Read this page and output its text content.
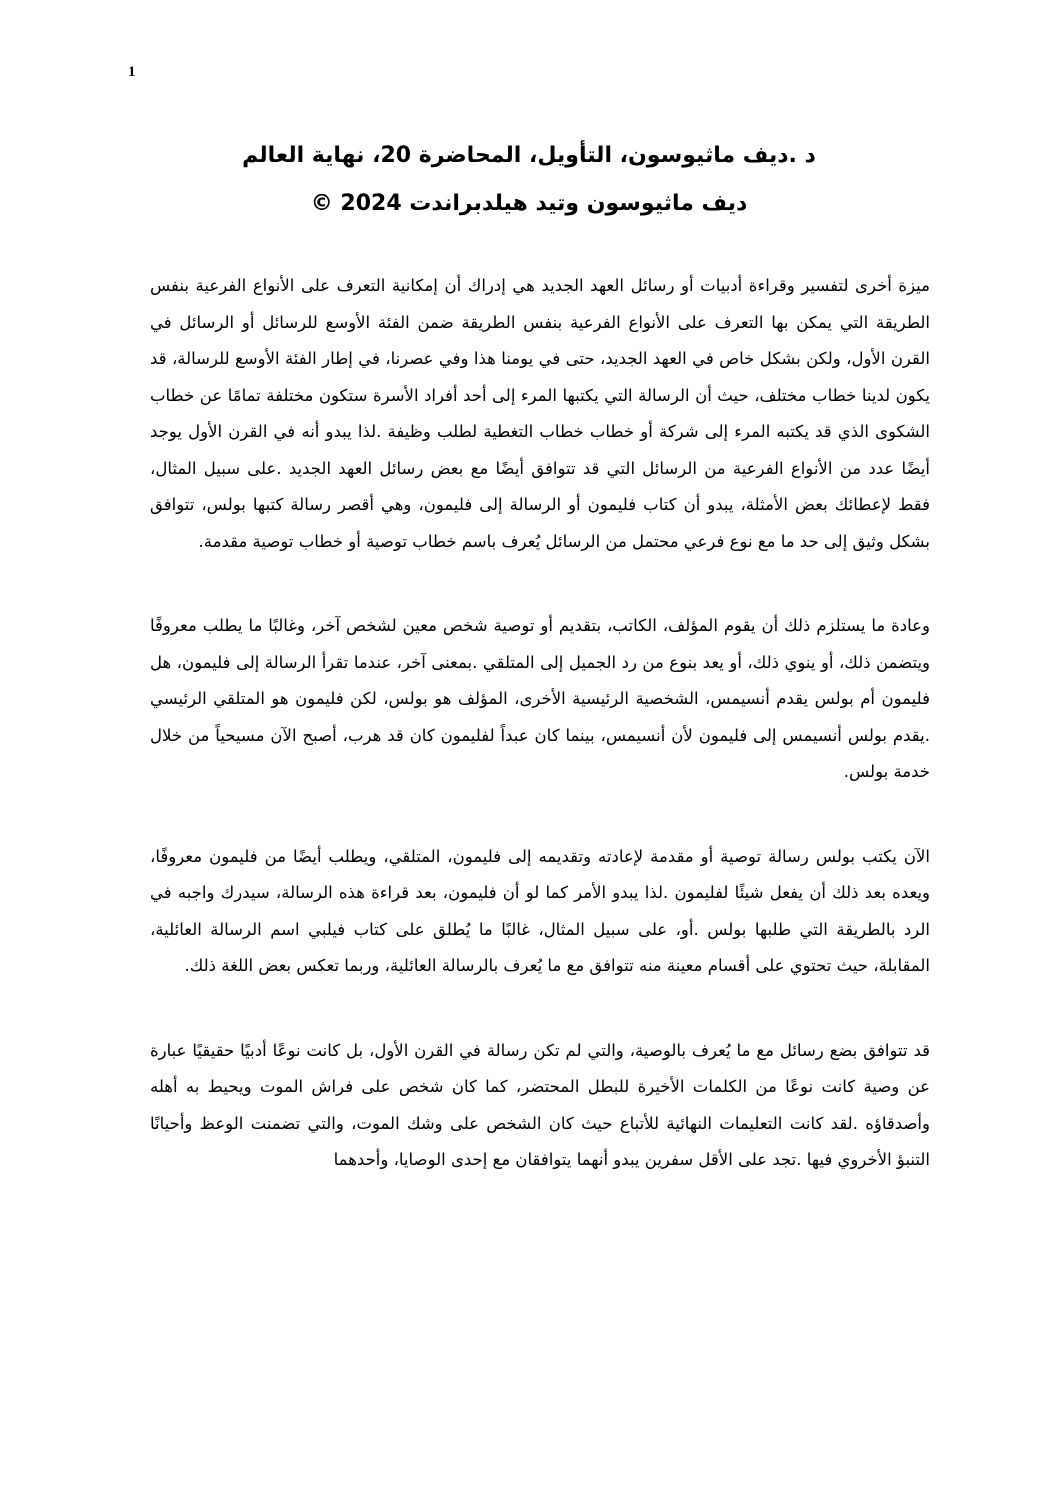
1

د .ديف ماثيوسون، التأويل، المحاضرة 20، نهاية العالم

ديف ماثيوسون وتيد هيلدبراندت 2024 ©

ميزة أخرى لتفسير وقراءة أدبيات أو رسائل العهد الجديد هي إدراك أن إمكانية التعرف على الأنواع الفرعية بنفس الطريقة التي يمكن بها التعرف على الأنواع الفرعية بنفس الطريقة ضمن الفئة الأوسع للرسائل أو الرسائل في القرن الأول، ولكن بشكل خاص في العهد الجديد، حتى في يومنا هذا وفي عصرنا، في إطار الفئة الأوسع للرسالة، قد يكون لدينا خطاب مختلف، حيث أن الرسالة التي يكتبها المرء إلى أحد أفراد الأسرة ستكون مختلفة تمامًا عن خطاب الشكوى الذي قد يكتبه المرء إلى شركة أو خطاب خطاب التغطية لطلب وظيفة .لذا يبدو أنه في القرن الأول يوجد أيضًا عدد من الأنواع الفرعية من الرسائل التي قد تتوافق أيضًا مع بعض رسائل العهد الجديد .على سبيل المثال، فقط لإعطائك بعض الأمثلة، يبدو أن كتاب فليمون أو الرسالة إلى فليمون، وهي أقصر رسالة كتبها بولس، تتوافق بشكل وثيق إلى حد ما مع نوع فرعي محتمل من الرسائل يُعرف باسم خطاب توصية أو خطاب توصية مقدمة.

وعادة ما يستلزم ذلك أن يقوم المؤلف، الكاتب، بتقديم أو توصية شخص معين لشخص آخر، وغالبًا ما يطلب معروفًا ويتضمن ذلك، أو ينوي ذلك، أو يعد بنوع من رد الجميل إلى المتلقي .بمعنى آخر، عندما تقرأ الرسالة إلى فليمون، هل فليمون أم بولس يقدم أنسيمس، الشخصية الرئيسية الأخرى، المؤلف هو بولس، لكن فليمون هو المتلقي الرئيسي .يقدم بولس أنسيمس إلى فليمون لأن أنسيمس، بينما كان عبداً لفليمون كان قد هرب، أصبح الآن مسيحياً من خلال خدمة بولس.

الآن يكتب بولس رسالة توصية أو مقدمة لإعادته وتقديمه إلى فليمون، المتلقي، ويطلب أيضًا من فليمون معروفًا، ويعده بعد ذلك أن يفعل شيئًا لفليمون .لذا يبدو الأمر كما لو أن فليمون، بعد قراءة هذه الرسالة، سيدرك واجبه في الرد بالطريقة التي طلبها بولس .أو، على سبيل المثال، غالبًا ما يُطلق على كتاب فيلبي اسم الرسالة العائلية، المقابلة، حيث تحتوي على أقسام معينة منه تتوافق مع ما يُعرف بالرسالة العائلية، وربما تعكس بعض اللغة ذلك.

قد تتوافق بضع رسائل مع ما يُعرف بالوصية، والتي لم تكن رسالة في القرن الأول، بل كانت نوعًا أدبيًا حقيقيًا عبارة عن وصية كانت نوعًا من الكلمات الأخيرة للبطل المحتضر، كما كان شخص على فراش الموت ويحيط به أهله وأصدقاؤه .لقد كانت التعليمات النهائية للأتباع حيث كان الشخص على وشك الموت، والتي تضمنت الوعظ وأحيانًا التنبؤ الأخروي فيها .تجد على الأقل سفرين يبدو أنهما يتوافقان مع إحدى الوصايا، وأحدهما
